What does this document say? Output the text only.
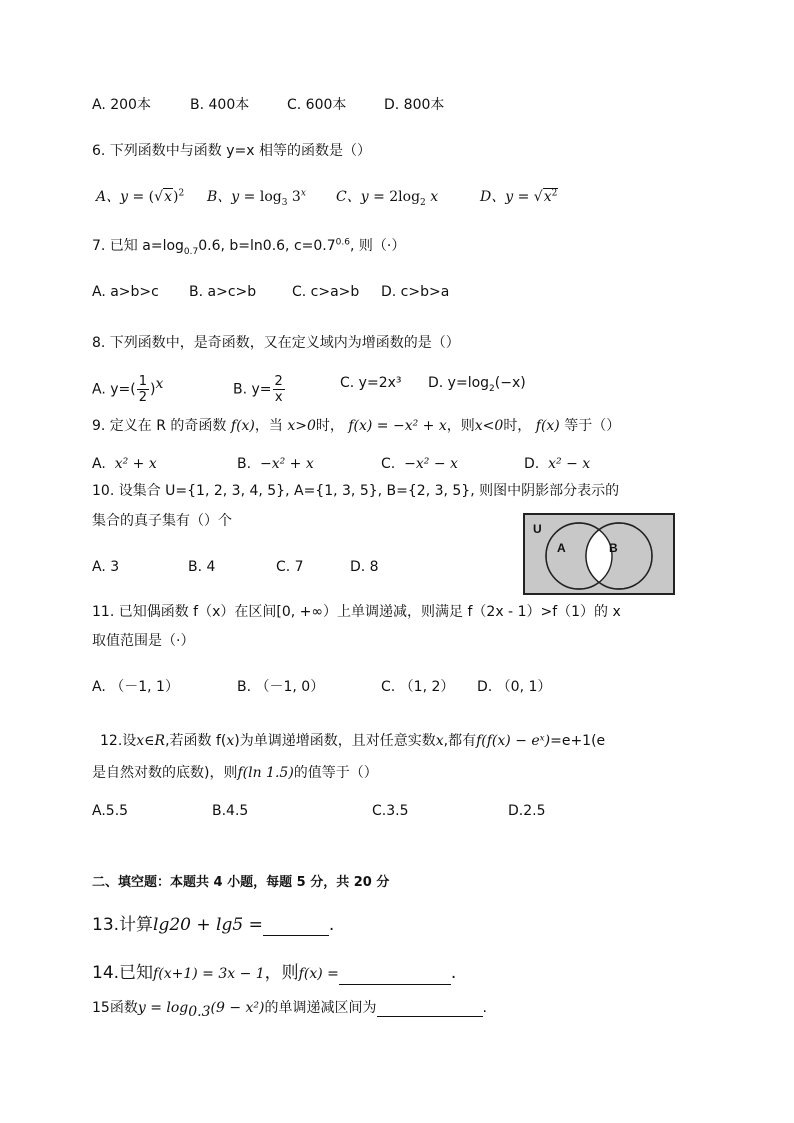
A. 200本	B. 400本	C. 600本	D. 800本
6. 下列函数中与函数 y=x 相等的函数是（）
A、$y = (√x)^2$ B、$y = \log_3 3^x$ C、$y = 2\log_2$ x	D、$y = √x^2$
7. 已知 $a=\log_{0.7}0.6$, b=ln0.6, $c=0.7^{0.6}$, 则（·）
A. a>b>c B. a>c>b	C. c>a>b D. c>b>a
8. 下列函数中，是奇函数，又在定义域内为增函数的是（）
A. $y=( \frac{1}{2} )^x$	B. $y= \frac{2}{x}$	C. y=2x³ D. $y=\log_2(-x)$
9. 定义在 R 的奇函数 f(x)，当 x>0时， f(x) = −x² + x，则x<0时， f(x) 等于（）
A. x² + x	B. −x² + x	C. −x² − x	D. x² − x
10. 设集合 U={1, 2, 3, 4, 5}, A={1, 3, 5}, B={2, 3, 5}, 则图中阴影部分表示的
集合的真子集有（）个
A. 3	B. 4	C. 7	D. 8
U
A	B
11. 已知偶函数 f（x）在区间[0, +∞）上单调递减，则满足 f（2x - 1）>f（1）的 x
取值范围是（·）
A. （－1, 1）	B. （－1, 0）	C. （1, 2） D. （0, 1）
12.设x∈R,若函数 f(x)为单调递增函数，且对任意实数x,都有f(f(x) − eˣ)=e+1(e
是自然对数的底数)，则f(ln 1.5)的值等于（）
A.5.5	B.4.5	C.3.5	D.2.5
二、填空题：本题共 4 小题，每题 5 分，共 20 分
13.计算lg20 + lg5 =	.
14.已知f(x+1) = 3x − 1，则f(x) =	.
15函数$y = \log_{0.3}(9 - x^2)$的单调递减区间为	.
